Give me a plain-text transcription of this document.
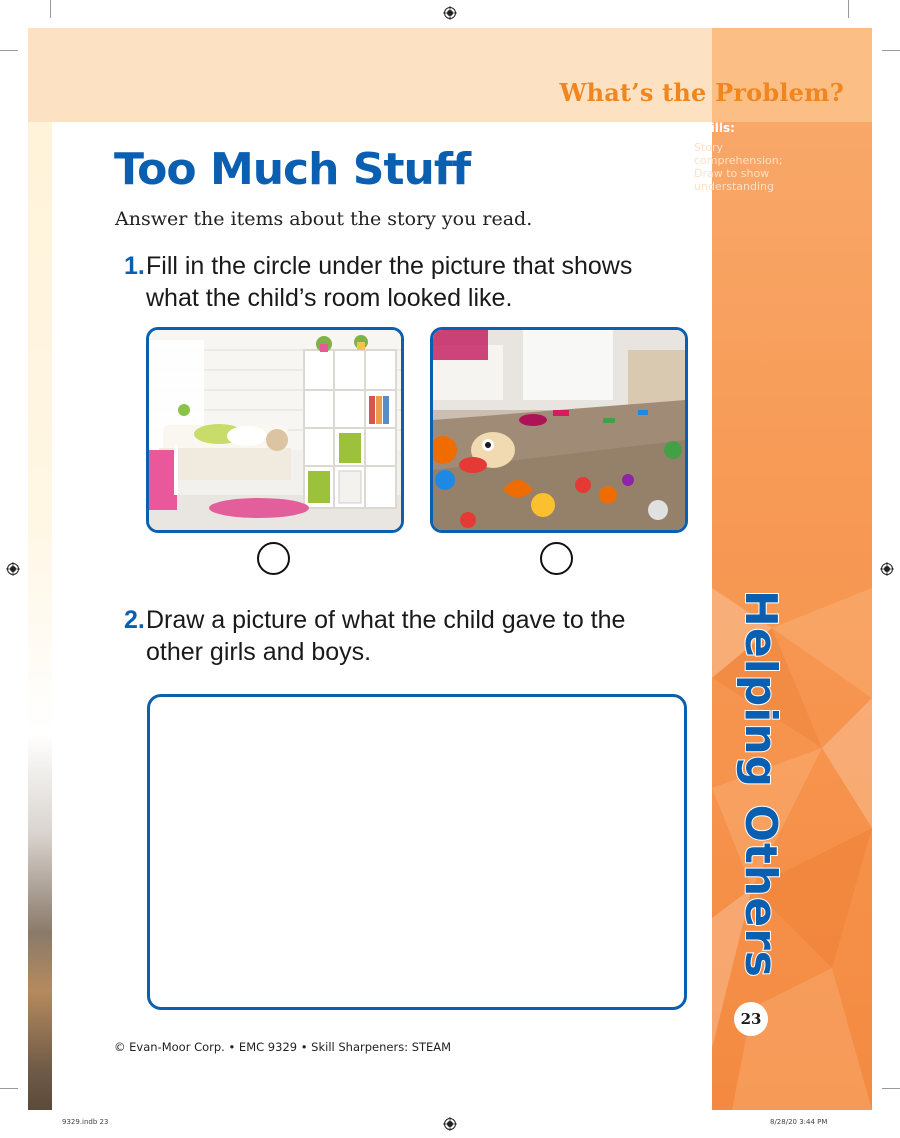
What’s the Problem?
Too Much Stuff
Answer the items about the story you read.
1.Fill in the circle under the picture that shows what the child’s room looked like.
2.Draw a picture of what the child gave to the other girls and boys.
© Evan-Moor Corp. • EMC 9329 • Skill Sharpeners: STEAM
Skills:
Story comprehension; Draw to show understanding
Helping Others
23
9329.indb 23	8/28/20 3:44 PM
